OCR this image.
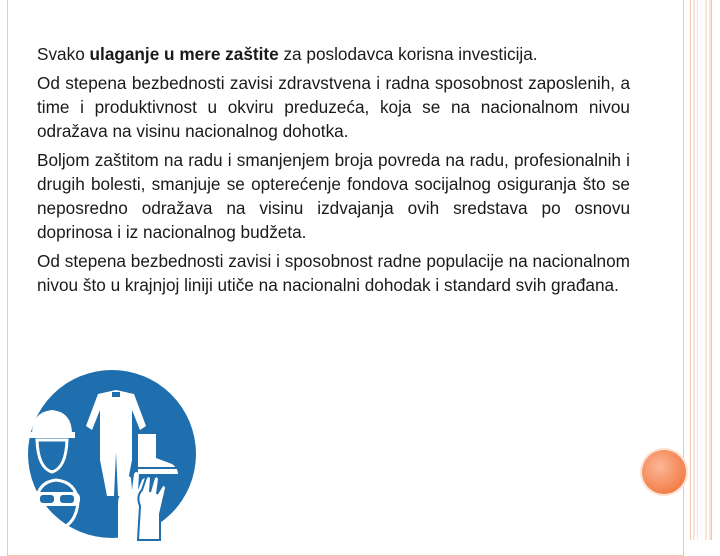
Svako ulaganje u mere zaštite za poslodavca korisna investicija.

Od stepena bezbednosti zavisi zdravstvena i radna sposobnost zaposlenih, a time i produktivnost u okviru preduzeća, koja se na nacionalnom nivou odražava na visinu nacionalnog dohotka.

Boljom zaštitom na radu i smanjenjem broja povreda na radu, profesionalnih i drugih bolesti, smanjuje se opterećenje fondova socijalnog osiguranja što se neposredno odražava na visinu izdvajanja ovih sredstava po osnovu doprinosa i iz nacionalnog budžeta.

Od stepena bezbednosti zavisi i sposobnost radne populacije na nacionalnom nivou što u krajnjoj liniji utiče na nacionalni dohodak i standard svih građana.
